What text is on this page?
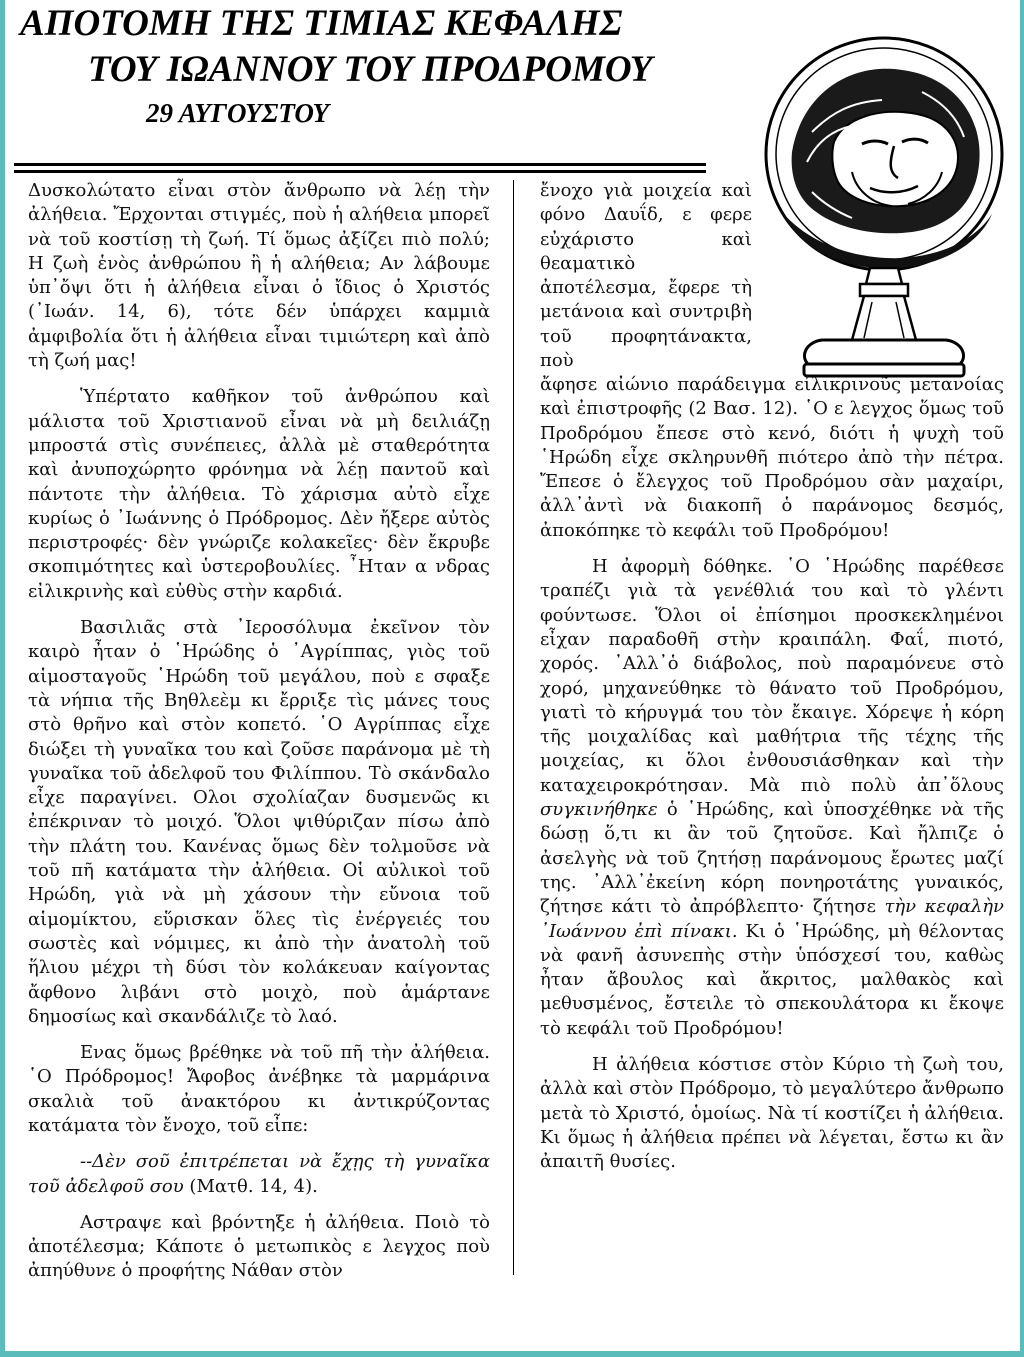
ΑΠΟΤΟΜΗ ΤΗΣ ΤΙΜΙΑΣ ΚΕΦΑΛΗΣ
ΤΟΥ ΙΩΑΝΝΟΥ ΤΟΥ ΠΡΟΔΡΟΜΟΥ
29 ΑΥΓΟΥΣΤΟΥ

Δυσκολώτατο εἶναι στὸν ἄνθρωπο νὰ λέῃ τὴν ἀλήθεια. Ἔρχονται στιγμές, ποὺ ἡ αλήθεια μπορεῖ νὰ τοῦ κοστίσῃ τὴ ζωή. Τί ὅμως ἀξίζει πιὸ πολύ; Η ζωὴ ἑνὸς ἀνθρώπου ἢ ἡ αλήθεια; Αν λάβουμε ὑπ᾽ὄψι ὅτι ἡ ἀλήθεια εἶναι ὁ ἴδιος ὁ Χριστός (᾽Ιωάν. 14, 6), τότε δέν ὑπάρχει καμμιὰ ἀμφιβολία ὅτι ἡ ἀλήθεια εἶναι τιμιώτερη καὶ ἀπὸ τὴ ζωή μας!

Ὑπέρτατο καθῆκον τοῦ ἀνθρώπου καὶ μάλιστα τοῦ Χριστιανοῦ εἶναι νὰ μὴ δειλιάζῃ μπροστά στὶς συνέπειες, ἀλλὰ μὲ σταθερότητα καὶ ἀνυποχώρητο φρόνημα νὰ λέῃ παντοῦ καὶ πάντοτε τὴν ἀλήθεια. Τὸ χάρισμα αὐτὸ εἶχε κυρίως ὁ ᾽Ιωάννης ὁ Πρόδρομος. Δὲν ἤξερε αὐτὸς περιστροφές· δὲν γνώριζε κολακεῖες· δὲν ἔκρυβε σκοπιμότητες καὶ ὑστεροβουλίες. ῏Ηταν α νδρας εἰλικρινὴς καὶ εὐθὺς στὴν καρδιά.

Βασιλιᾶς στὰ ᾽Ιεροσόλυμα ἐκεῖνον τὸν καιρὸ ἦταν ὁ ῾Ηρώδης ὁ ᾽Αγρίππας, γιὸς τοῦ αἱμοσταγοῦς ῾Ηρώδη τοῦ μεγάλου, ποὺ ε σφαξε τὰ νήπια τῆς Βηθλεὲμ κι ἔρριξε τὶς μάνες τους στὸ θρῆνο καὶ στὸν κοπετό. ῾Ο Αγρίππας εἶχε διώξει τὴ γυναῖκα του καὶ ζοῦσε παράνομα μὲ τὴ γυναῖκα τοῦ ἀδελφοῦ του Φιλίππου. Τὸ σκάνδαλο εἶχε παραγίνει. Ολοι σχολίαζαν δυσμενῶς κι ἐπέκριναν τὸ μοιχό. Ὅλοι ψιθύριζαν πίσω ἀπὸ τὴν πλάτη του. Κανένας ὅμως δὲν τολμοῦσε νὰ τοῦ πῆ κατάματα τὴν ἀλήθεια. Οἱ αὐλικοὶ τοῦ Ηρώδη, γιὰ νὰ μὴ χάσουν τὴν εὔνοια τοῦ αἱμομίκτου, εὕρισκαν ὅλες τὶς ἐνέργειές του σωστὲς καὶ νόμιμες, κι ἀπὸ τὴν ἀνατολὴ τοῦ ἥλιου μέχρι τὴ δύσι τὸν κολάκευαν καίγοντας ἄφθονο λιβάνι στὸ μοιχὸ, ποὺ ἁμάρτανε δημοσίως καὶ σκανδάλιζε τὸ λαό.

Ενας ὅμως βρέθηκε νὰ τοῦ πῆ τὴν ἀλήθεια. ῾Ο Πρόδρομος! Ἄφοβος ἀνέβηκε τὰ μαρμάρινα σκαλιὰ τοῦ ἀνακτόρου κι ἀντικρύζοντας κατάματα τὸν ἔνοχο, τοῦ εἶπε:

--Δὲν σοῦ ἐπιτρέπεται νὰ ἔχῃς τὴ γυναῖκα τοῦ ἀδελφοῦ σου (Ματθ. 14, 4).

Αστραψε καὶ βρόντηξε ἡ ἀλήθεια. Ποιὸ τὸ ἀποτέλεσμα; Κάποτε ὁ μετωπικὸς ε λεγχος ποὺ ἀπηύθυνε ὁ προφήτης Νάθαν στὸν

ἔνοχο γιὰ μοιχεία καὶ φόνο Δαυΐδ, ε φερε εὐχάριστο καὶ θεαματικὸ ἀποτέλεσμα, ἔφερε τὴ μετάνοια καὶ συντριβὴ τοῦ προφητάνακτα, ποὺ

ἄφησε αἰώνιο παράδειγμα εἰλικρινοῦς μετανοίας καὶ ἐπιστροφῆς (2 Βασ. 12). ῾Ο ε λεγχος ὅμως τοῦ Προδρόμου ἔπεσε στὸ κενό, διότι ἡ ψυχὴ τοῦ ῾Ηρώδη εἶχε σκληρυνθῆ πιότερο ἀπὸ τὴν πέτρα. Ἔπεσε ὁ ἔλεγχος τοῦ Προδρόμου σὰν μαχαίρι, ἀλλ᾽ἀντὶ νὰ διακοπῆ ὁ παράνομος δεσμός, ἀποκόπηκε τὸ κεφάλι τοῦ Προδρόμου!

Η ἀφορμὴ δόθηκε. ῾Ο ῾Ηρώδης παρέθεσε τραπέζι γιὰ τὰ γενέθλιά του καὶ τὸ γλέντι φούντωσε. Ὅλοι οἱ ἐπίσημοι προσκεκλημένοι εἶχαν παραδοθῆ στὴν κραιπάλη. Φαΐ, πιοτό, χορός. ᾽Αλλ᾽ὁ διάβολος, ποὺ παραμόνευε στὸ χορό, μηχανεύθηκε τὸ θάνατο τοῦ Προδρόμου, γιατὶ τὸ κήρυγμά του τὸν ἔκαιγε. Χόρεψε ἡ κόρη τῆς μοιχαλίδας καὶ μαθήτρια τῆς τέχης τῆς μοιχείας, κι ὅλοι ἐνθουσιάσθηκαν καὶ τὴν καταχειροκρότησαν. Μὰ πιὸ πολὺ ἀπ᾽ὅλους συγκινήθηκε ὁ ῾Ηρώδης, καὶ ὑποσχέθηκε νὰ τῆς δώσῃ ὅ,τι κι ἂν τοῦ ζητοῦσε. Καὶ ἤλπιζε ὁ ἀσελγὴς νὰ τοῦ ζητήσῃ παράνομους ἔρωτες μαζί της. ᾽Αλλ᾽ἐκείνη κόρη πονηροτάτης γυναικός, ζήτησε κάτι τὸ ἀπρόβλεπτο· ζήτησε τὴν κεφαλὴν ᾽Ιωάννου ἐπὶ πίνακι. Κι ὁ ῾Ηρώδης, μὴ θέλοντας νὰ φανῆ ἀσυνεπὴς στὴν ὑπόσχεσί του, καθὼς ἦταν ἄβουλος καὶ ἄκριτος, μαλθακὸς καὶ μεθυσμένος, ἔστειλε τὸ σπεκουλάτορα κι ἔκοψε τὸ κεφάλι τοῦ Προδρόμου!

Η ἀλήθεια κόστισε στὸν Κύριο τὴ ζωὴ του, ἀλλὰ καὶ στὸν Πρόδρομο, τὸ μεγαλύτερο ἄνθρωπο μετὰ τὸ Χριστό, ὁμοίως. Νὰ τί κοστίζει ἡ ἀλήθεια. Κι ὅμως ἡ ἀλήθεια πρέπει νὰ λέγεται, ἔστω κι ἂν ἀπαιτῆ θυσίες.
